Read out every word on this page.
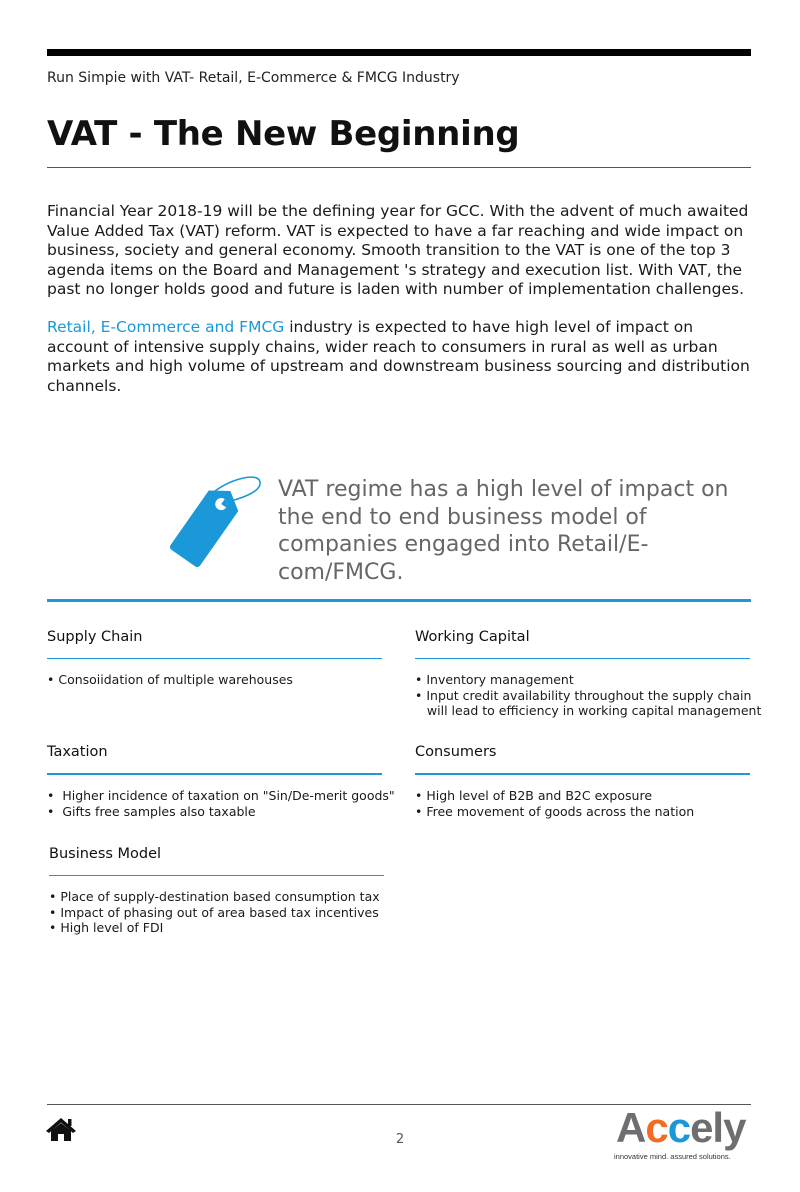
Run Simpie with VAT- Retail, E-Commerce & FMCG Industry
VAT - The New Beginning
Financial Year 2018-19 will be the defining year for GCC. With the advent of much awaited Value Added Tax (VAT) reform. VAT is expected to have a far reaching and wide impact on business, society and general economy. Smooth transition to the VAT is one of the top 3 agenda items on the Board and Management 's strategy and execution list. With VAT, the past no longer holds good and future is laden with number of implementation challenges.
Retail, E-Commerce and FMCG industry is expected to have high level of impact on account of intensive supply chains, wider reach to consumers in rural as well as urban markets and high volume of upstream and downstream business sourcing and distribution channels.
VAT regime has a high level of impact on the end to end business model of companies engaged into Retail/E-com/FMCG.
Supply Chain
• Consoiidation of multiple warehouses
Working Capital
• Inventory management
• Input credit availability throughout the supply chain
will lead to efficiency in working capital management
Taxation
•  Higher incidence of taxation on "Sin/De-merit goods"
•  Gifts free samples also taxable
Consumers
• High level of B2B and B2C exposure
• Free movement of goods across the nation
Business Model
• Place of supply-destination based consumption tax
• Impact of phasing out of area based tax incentives
• High level of FDI
2	Accely
innovative mind. assured solutions.
